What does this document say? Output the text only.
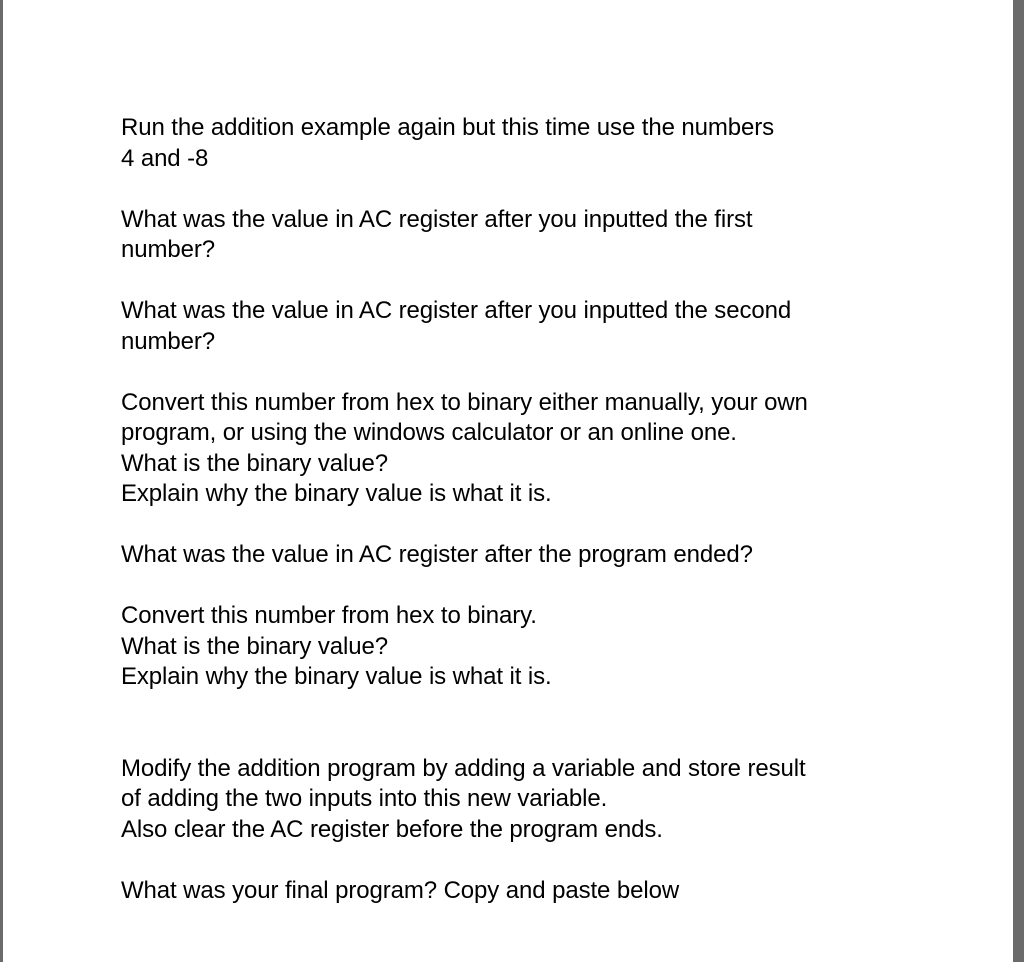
Run the addition example again but this time use the numbers
4 and -8
What was the value in AC register after you inputted the first
number?
What was the value in AC register after you inputted the second
number?
Convert this number from hex to binary either manually, your own
program, or using the windows calculator or an online one.
What is the binary value?
Explain why the binary value is what it is.
What was the value in AC register after the program ended?
Convert this number from hex to binary.
What is the binary value?
Explain why the binary value is what it is.
Modify the addition program by adding a variable and store result
of adding the two inputs into this new variable.
Also clear the AC register before the program ends.
What was your final program? Copy and paste below
